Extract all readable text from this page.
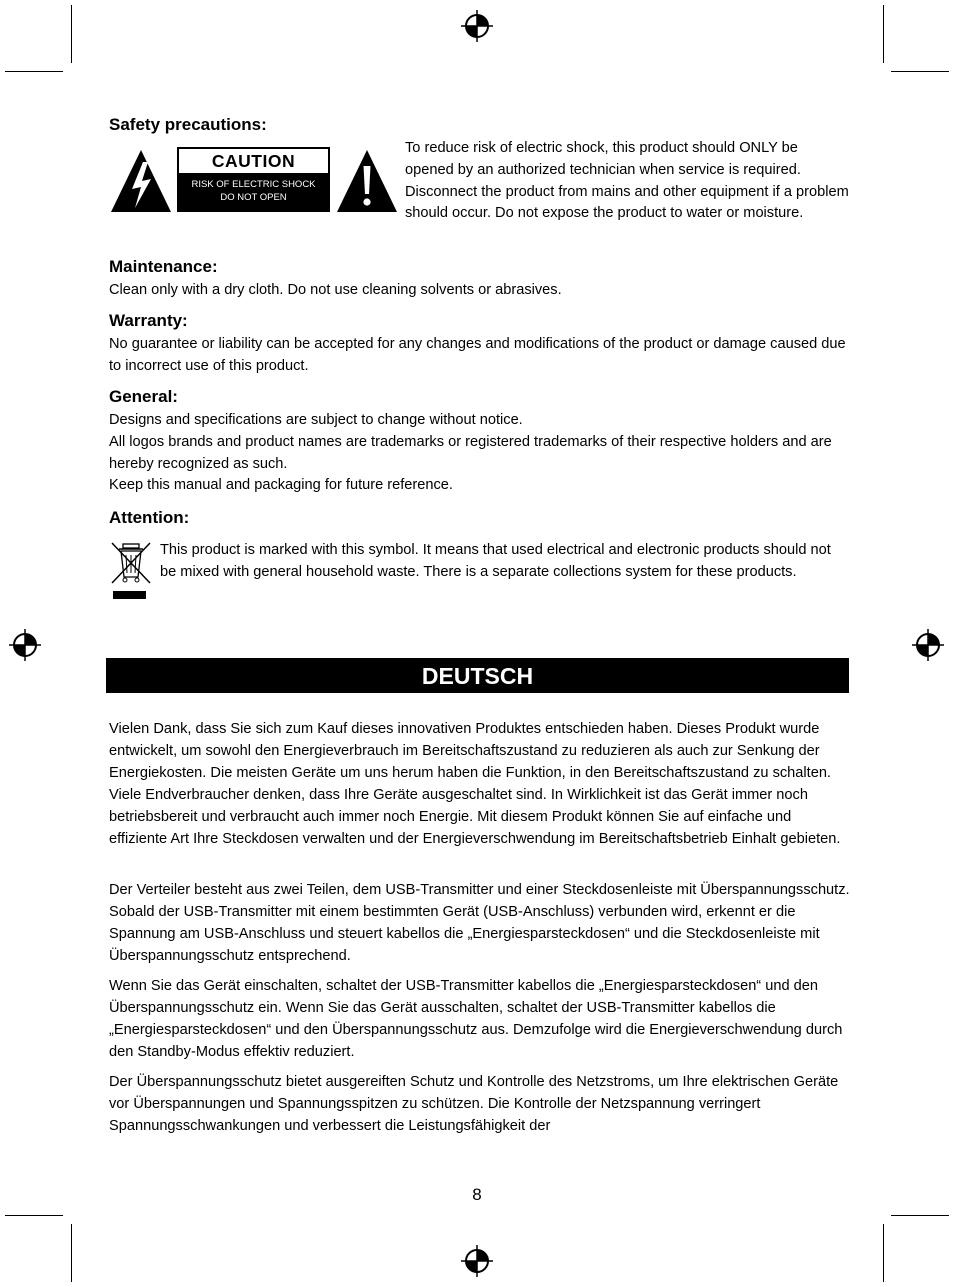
Safety precautions:
CAUTION
RISK OF ELECTRIC SHOCK
DO NOT OPEN
To reduce risk of electric shock, this product should ONLY be opened by an authorized technician when service is required. Disconnect the product from mains and other equipment if a problem should occur. Do not expose the product to water or moisture.
Maintenance:
Clean only with a dry cloth. Do not use cleaning solvents or abrasives.
Warranty:
No guarantee or liability can be accepted for any changes and modifications of the product or damage caused due to incorrect use of this product.
General:
Designs and specifications are subject to change without notice.
All logos brands and product names are trademarks or registered trademarks of their respective holders and are hereby recognized as such.
Keep this manual and packaging for future reference.
Attention:
This product is marked with this symbol. It means that used electrical and electronic products should not be mixed with general household waste. There is a separate collections system for these products.
DEUTSCH
Vielen Dank, dass Sie sich zum Kauf dieses innovativen Produktes entschieden haben. Dieses Produkt wurde entwickelt, um sowohl den Energieverbrauch im Bereitschaftszustand zu reduzieren als auch zur Senkung der Energiekosten. Die meisten Geräte um uns herum haben die Funktion, in den Bereitschaftszustand zu schalten. Viele Endverbraucher denken, dass Ihre Geräte ausgeschaltet sind. In Wirklichkeit ist das Gerät immer noch betriebsbereit und verbraucht auch immer noch Energie. Mit diesem Produkt können Sie auf einfache und effiziente Art Ihre Steckdosen verwalten und der Energieverschwendung im Bereitschaftsbetrieb Einhalt gebieten.
Der Verteiler besteht aus zwei Teilen, dem USB-Transmitter und einer Steckdosenleiste mit Überspannungsschutz. Sobald der USB-Transmitter mit einem bestimmten Gerät (USB-Anschluss) verbunden wird, erkennt er die Spannung am USB-Anschluss und steuert kabellos die „Energiesparsteckdosen“ und die Steckdosenleiste mit Überspannungsschutz entsprechend.
Wenn Sie das Gerät einschalten, schaltet der USB-Transmitter kabellos die „Energiesparsteckdosen“ und den Überspannungsschutz ein. Wenn Sie das Gerät ausschalten, schaltet der USB-Transmitter kabellos die „Energiesparsteckdosen“ und den Überspannungsschutz aus. Demzufolge wird die Energieverschwendung durch den Standby-Modus effektiv reduziert.
Der Überspannungsschutz bietet ausgereiften Schutz und Kontrolle des Netzstroms, um Ihre elektrischen Geräte vor Überspannungen und Spannungsspitzen zu schützen. Die Kontrolle der Netzspannung verringert Spannungsschwankungen und verbessert die Leistungsfähigkeit der
8
